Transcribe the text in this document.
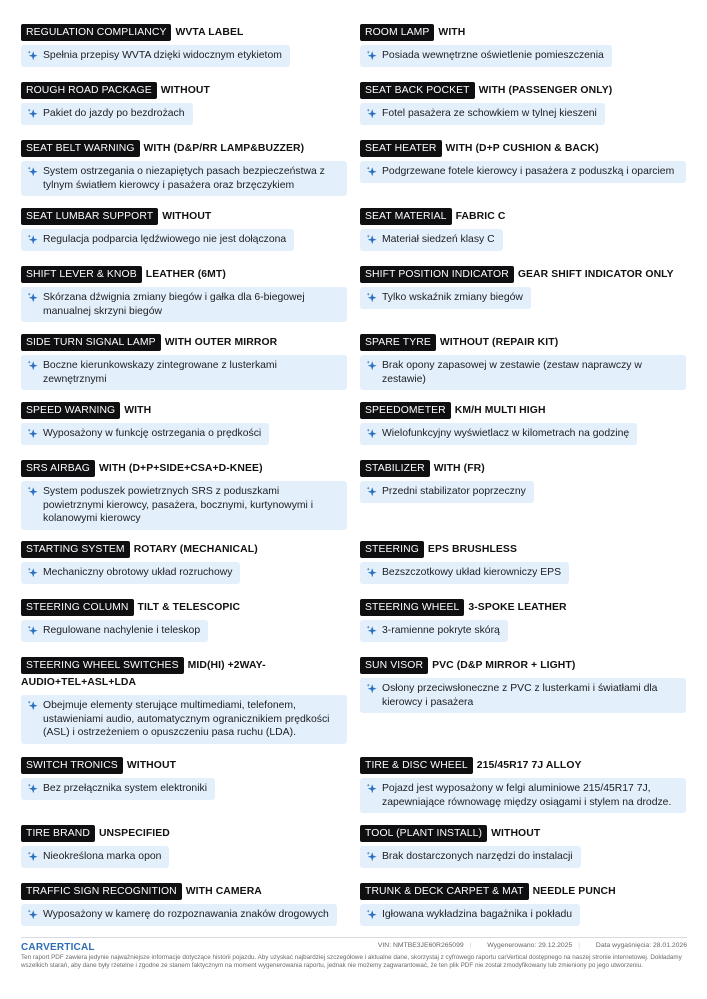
REGULATION COMPLIANCY WVTA LABEL
Spełnia przepisy WVTA dzięki widocznym etykietom
ROUGH ROAD PACKAGE WITHOUT
Pakiet do jazdy po bezdrożach
SEAT BELT WARNING WITH (D&P/RR LAMP&BUZZER)
System ostrzegania o niezapiętych pasach bezpieczeństwa z tylnym światłem kierowcy i pasażera oraz brzęczykiem
SEAT LUMBAR SUPPORT WITHOUT
Regulacja podparcia lędźwiowego nie jest dołączona
SHIFT LEVER & KNOB LEATHER (6MT)
Skórzana dźwignia zmiany biegów i gałka dla 6-biegowej manualnej skrzyni biegów
SIDE TURN SIGNAL LAMP WITH OUTER MIRROR
Boczne kierunkowskazy zintegrowane z lusterkami zewnętrznymi
SPEED WARNING WITH
Wyposażony w funkcję ostrzegania o prędkości
SRS AIRBAG WITH (D+P+SIDE+CSA+D-KNEE)
System poduszek powietrznych SRS z poduszkami powietrznymi kierowcy, pasażera, bocznymi, kurtynowymi i kolanowymi kierowcy
STARTING SYSTEM ROTARY (MECHANICAL)
Mechaniczny obrotowy układ rozruchowy
STEERING COLUMN TILT & TELESCOPIC
Regulowane nachylenie i teleskop
STEERING WHEEL SWITCHES MID(HI) +2WAY-AUDIO+TEL+ASL+LDA
Obejmuje elementy sterujące multimediami, telefonem, ustawieniami audio, automatycznym ogranicznikiem prędkości (ASL) i ostrzeżeniem o opuszczeniu pasa ruchu (LDA).
SWITCH TRONICS WITHOUT
Bez przełącznika system elektroniki
TIRE BRAND UNSPECIFIED
Nieokreślona marka opon
TRAFFIC SIGN RECOGNITION WITH CAMERA
Wyposażony w kamerę do rozpoznawania znaków drogowych
ROOM LAMP WITH
Posiada wewnętrzne oświetlenie pomieszczenia
SEAT BACK POCKET WITH (PASSENGER ONLY)
Fotel pasażera ze schowkiem w tylnej kieszeni
SEAT HEATER WITH (D+P CUSHION & BACK)
Podgrzewane fotele kierowcy i pasażera z poduszką i oparciem
SEAT MATERIAL FABRIC C
Materiał siedzeń klasy C
SHIFT POSITION INDICATOR GEAR SHIFT INDICATOR ONLY
Tylko wskaźnik zmiany biegów
SPARE TYRE WITHOUT (REPAIR KIT)
Brak opony zapasowej w zestawie (zestaw naprawczy w zestawie)
SPEEDOMETER KM/H MULTI HIGH
Wielofunkcyjny wyświetlacz w kilometrach na godzinę
STABILIZER WITH (FR)
Przedni stabilizator poprzeczny
STEERING EPS BRUSHLESS
Bezszczotkowy układ kierowniczy EPS
STEERING WHEEL 3-SPOKE LEATHER
3-ramienne pokryte skórą
SUN VISOR PVC (D&P MIRROR + LIGHT)
Osłony przeciwsłoneczne z PVC z lusterkami i światłami dla kierowcy i pasażera
TIRE & DISC WHEEL 215/45R17 7J ALLOY
Pojazd jest wyposażony w felgi aluminiowe 215/45R17 7J, zapewniające równowagę między osiągami i stylem na drodze.
TOOL (PLANT INSTALL) WITHOUT
Brak dostarczonych narzędzi do instalacji
TRUNK & DECK CARPET & MAT NEEDLE PUNCH
Igłowana wykładzina bagażnika i pokładu
CARVERTICAL	VIN: NMTBE3JE60R265099 | Wygenerowano: 29.12.2025 | Data wygaśnięcia: 28.01.2026
Ten raport PDF zawiera jedynie najważniejsze informacje dotyczące historii pojazdu. Aby uzyskać najbardziej szczegółowe i aktualne dane, skorzystaj z cyfrowego raportu carVertical dostępnego na naszej stronie internetowej. Dokładamy wszelkich starań, aby dane były rzetelne i zgodne ze stanem faktycznym na moment wygenerowania raportu, jednak nie możemy zagwarantować, że ten plik PDF nie został zmodyfikowany lub zmieniony po jego utworzeniu.
